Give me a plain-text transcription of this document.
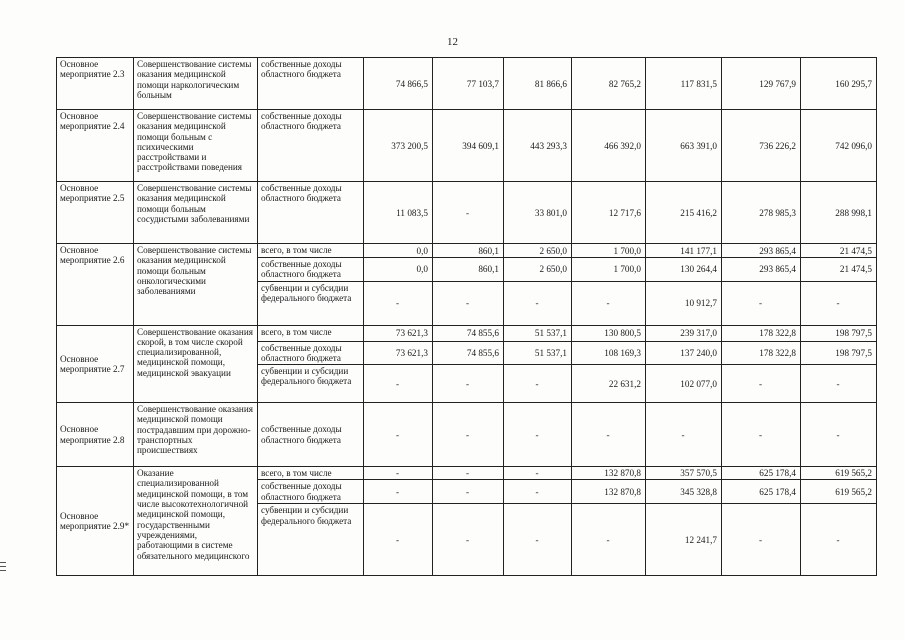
12
Основное мероприятие 2.3	Совершенствование системы оказания медицинской помощи наркологическим больным	собственные доходы областного бюджета	74 866,5	77 103,7	81 866,6	82 765,2	117 831,5	129 767,9	160 295,7
Основное мероприятие 2.4	Совершенствование системы оказания медицинской помощи больным с психическими расстройствами и расстройствами поведения	собственные доходы областного бюджета	373 200,5	394 609,1	443 293,3	466 392,0	663 391,0	736 226,2	742 096,0
Основное мероприятие 2.5	Совершенствование системы оказания медицинской помощи больным сосудистыми заболеваниями	собственные доходы областного бюджета	11 083,5	-	33 801,0	12 717,6	215 416,2	278 985,3	288 998,1
Основное мероприятие 2.6	Совершенствование системы оказания медицинской помощи больным онкологическими заболеваниями	всего, в том числе	0,0	860,1	2 650,0	1 700,0	141 177,1	293 865,4	21 474,5
		собственные доходы областного бюджета	0,0	860,1	2 650,0	1 700,0	130 264,4	293 865,4	21 474,5
		субвенции и субсидии федерального бюджета	-	-	-	-	10 912,7	-	-
Основное мероприятие 2.7	Совершенствование оказания скорой, в том числе скорой специализированной, медицинской помощи, медицинской эвакуации	всего, в том числе	73 621,3	74 855,6	51 537,1	130 800,5	239 317,0	178 322,8	198 797,5
		собственные доходы областного бюджета	73 621,3	74 855,6	51 537,1	108 169,3	137 240,0	178 322,8	198 797,5
		субвенции и субсидии федерального бюджета	-	-	-	22 631,2	102 077,0	-	-
Основное мероприятие 2.8	Совершенствование оказания медицинской помощи пострадавшим при дорожно-транспортных происшествиях	собственные доходы областного бюджета	-	-	-	-	-	-	-
Основное мероприятие 2.9*	Оказание специализированной медицинской помощи, в том числе высокотехнологичной медицинской помощи, государственными учреждениями, работающими в системе обязательного медицинского	всего, в том числе	-	-	-	132 870,8	357 570,5	625 178,4	619 565,2
		собственные доходы областного бюджета	-	-	-	132 870,8	345 328,8	625 178,4	619 565,2
		субвенции и субсидии федерального бюджета	-	-	-	-	12 241,7	-	-
